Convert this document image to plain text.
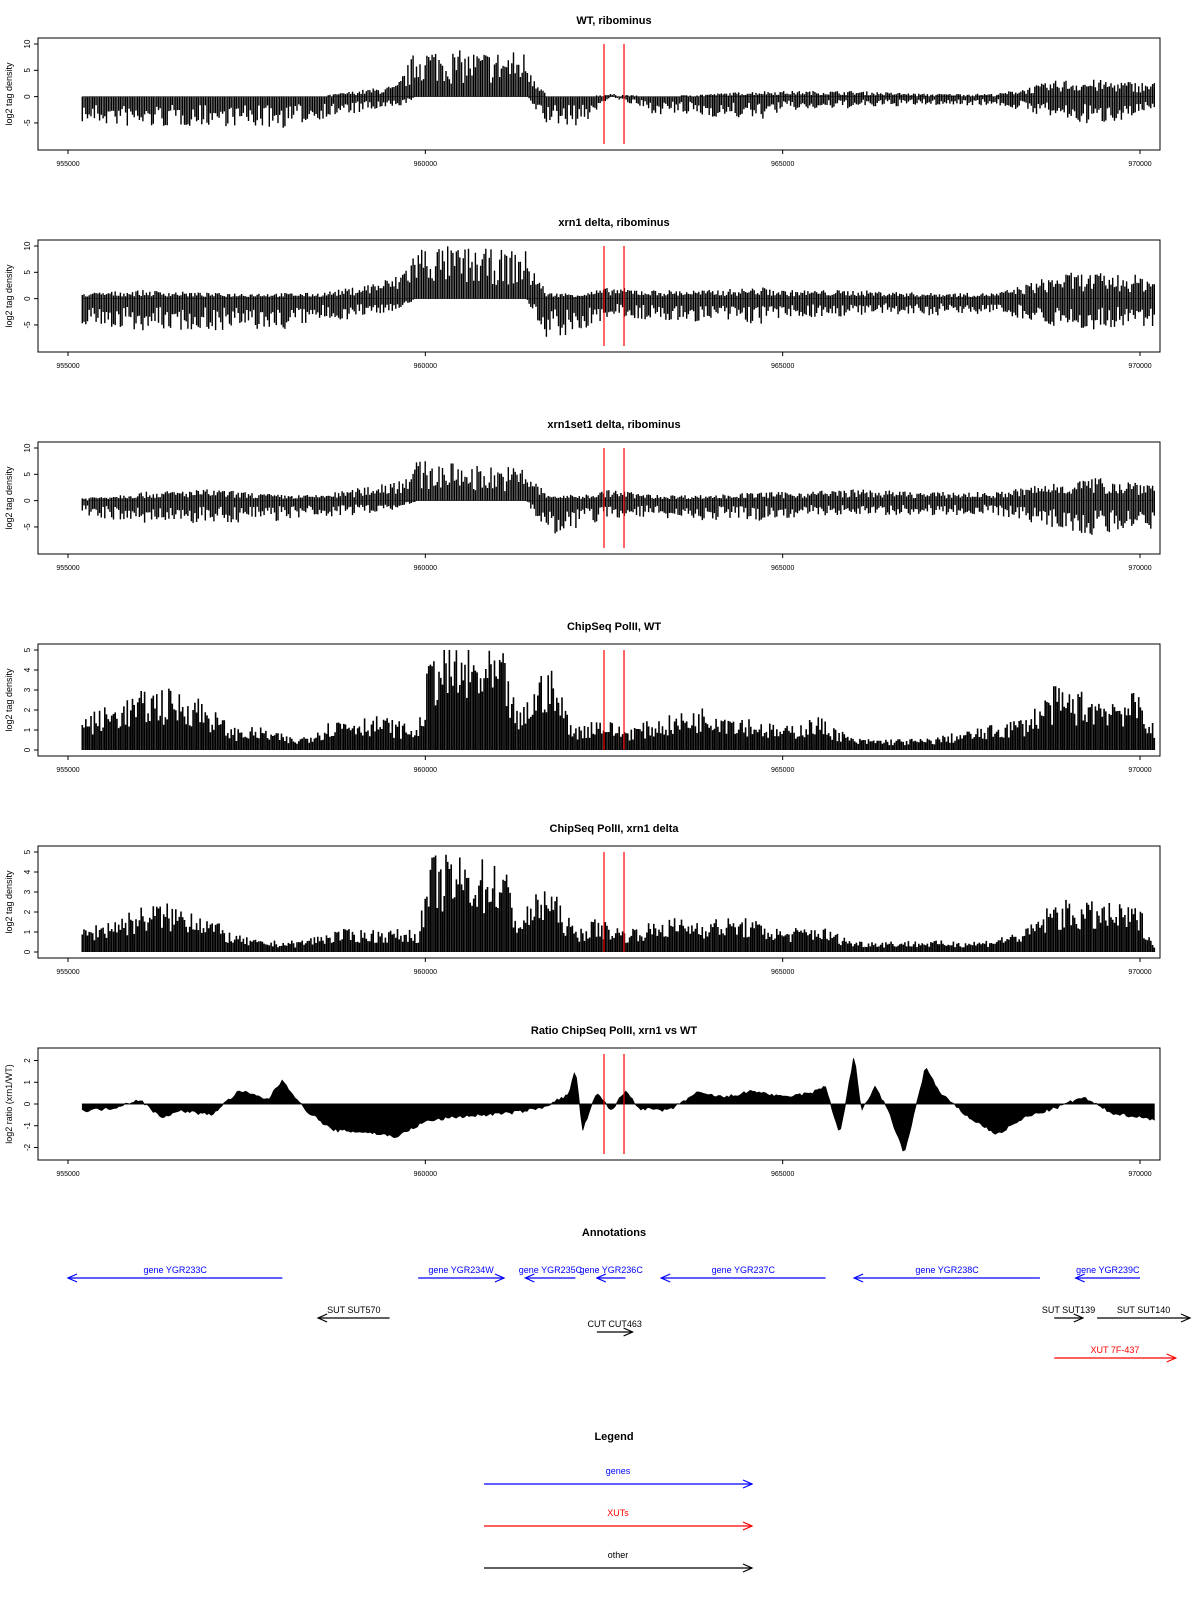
WT, ribominus
log2 tag density
10
5
0
-5
955000	960000	965000	970000
xrn1 delta, ribominus
log2 tag density
10
5
0
-5
955000	960000	965000	970000
xrn1set1 delta, ribominus
log2 tag density
10
5
0
-5
955000	960000	965000	970000
ChipSeq PolII, WT
log2 tag density
5
4
3
2
1
0
955000	960000	965000	970000
ChipSeq PolII, xrn1 delta
log2 tag density
5
4
3
2
1
0
955000	960000	965000	970000
Ratio ChipSeq PolII, xrn1 vs WT
log2 ratio (xrn1/WT)
2
1
0
-1
-2
955000	960000	965000	970000
Annotations
gene YGR233C	gene YGR234W	gene YGR235C
gene YGR236C	gene YGR237C	gene YGR238C	gene YGR239C
SUT SUT570	SUT SUT139 SUT SUT140
CUT CUT463
XUT 7F-437
Legend
genes
XUTs
other
